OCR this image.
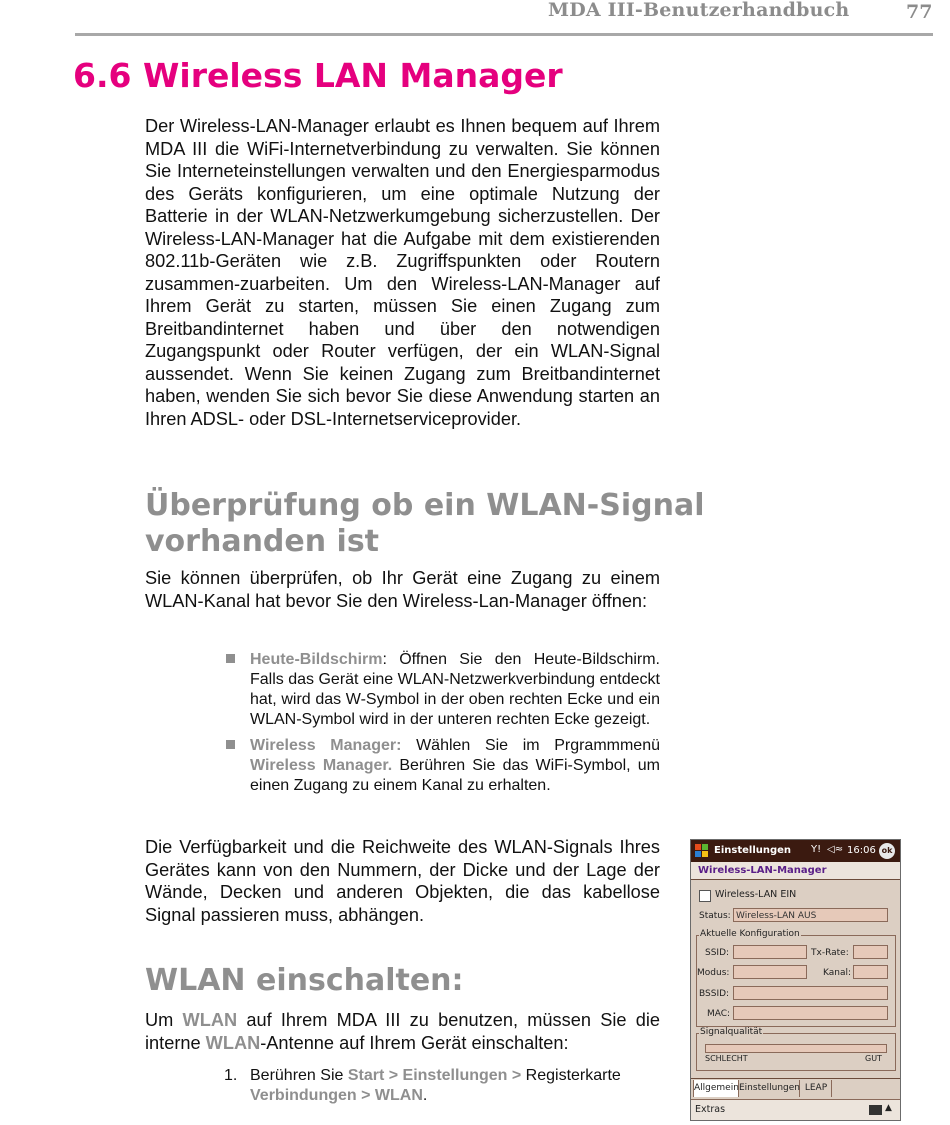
MDA III-Benutzerhandbuch	77
6.6 Wireless LAN Manager

Der Wireless-LAN-Manager erlaubt es Ihnen bequem auf Ihrem MDA III die WiFi-Internetverbindung zu verwalten. Sie können Sie Interneteinstellungen verwalten und den Energiesparmodus des Geräts konfigurieren, um eine optimale Nutzung der Batterie in der WLAN-Netzwerkumgebung sicherzustellen. Der Wireless-LAN-Manager hat die Aufgabe mit dem existierenden 802.11b-Geräten wie z.B. Zugriffspunkten oder Routern zusammen-zuarbeiten. Um den Wireless-LAN-Manager auf Ihrem Gerät zu starten, müssen Sie einen Zugang zum Breitbandinternet haben und über den notwendigen Zugangspunkt oder Router verfügen, der ein WLAN-Signal aussendet. Wenn Sie keinen Zugang zum Breitbandinternet haben, wenden Sie sich bevor Sie diese Anwendung starten an Ihren ADSL- oder DSL-Internetserviceprovider.

Überprüfung ob ein WLAN-Signal
vorhanden ist

Sie können überprüfen, ob Ihr Gerät eine Zugang zu einem WLAN-Kanal hat bevor Sie den Wireless-Lan-Manager öffnen:

Heute-Bildschirm: Öffnen Sie den Heute-Bildschirm. Falls das Gerät eine WLAN-Netzwerkverbindung entdeckt hat, wird das W-Symbol in der oben rechten Ecke und ein WLAN-Symbol wird in der unteren rechten Ecke gezeigt.
Wireless Manager: Wählen Sie im Prgrammmenü Wireless Manager. Berühren Sie das WiFi-Symbol, um einen Zugang zu einem Kanal zu erhalten.

Die Verfügbarkeit und die Reichweite des WLAN-Signals Ihres Gerätes kann von den Nummern, der Dicke und der Lage der Wände, Decken und anderen Objekten, die das kabellose Signal passieren muss, abhängen.

WLAN einschalten:

Um WLAN auf Ihrem MDA III zu benutzen, müssen Sie die interne WLAN-Antenne auf Ihrem Gerät einschalten:

1. Berühren Sie Start > Einstellungen > Registerkarte Verbindungen > WLAN.
Einstellungen Y! ◁≈ 16:06 ok
Wireless-LAN-Manager
Wireless-LAN EIN
Status: Wireless-LAN AUS
Aktuelle Konfiguration
SSID:	Tx-Rate:
Modus:	Kanal:
BSSID:
MAC:
Signalqualität
SCHLECHT	GUT
Allgemein Einstellungen LEAP
Extras	▲
